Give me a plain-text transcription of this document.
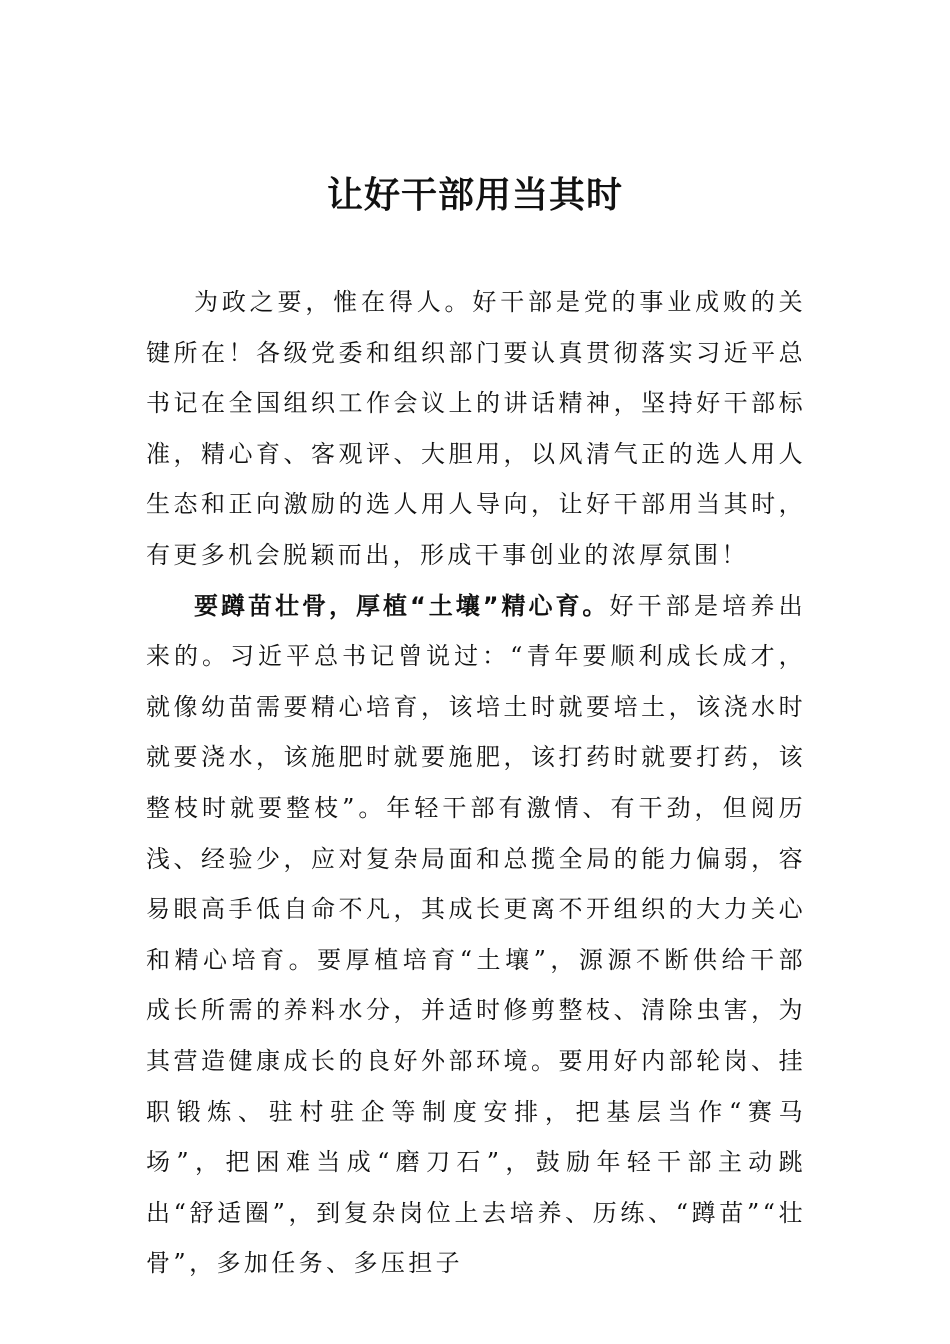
让好干部用当其时

为政之要，惟在得人。好干部是党的事业成败的关键所在！各级党委和组织部门要认真贯彻落实习近平总书记在全国组织工作会议上的讲话精神，坚持好干部标准，精心育、客观评、大胆用，以风清气正的选人用人生态和正向激励的选人用人导向，让好干部用当其时，有更多机会脱颖而出，形成干事创业的浓厚氛围！

要蹲苗壮骨，厚植“土壤”精心育。好干部是培养出来的。习近平总书记曾说过：“青年要顺利成长成才，就像幼苗需要精心培育，该培土时就要培土，该浇水时就要浇水，该施肥时就要施肥，该打药时就要打药，该整枝时就要整枝”。年轻干部有激情、有干劲，但阅历浅、经验少，应对复杂局面和总揽全局的能力偏弱，容易眼高手低自命不凡，其成长更离不开组织的大力关心和精心培育。要厚植培育“土壤”，源源不断供给干部成长所需的养料水分，并适时修剪整枝、清除虫害，为其营造健康成长的良好外部环境。要用好内部轮岗、挂职锻炼、驻村驻企等制度安排，把基层当作“赛马场”，把困难当成“磨刀石”，鼓励年轻干部主动跳出“舒适圈”，到复杂岗位上去培养、历练、“蹲苗”“壮骨”，多加任务、多压担子
